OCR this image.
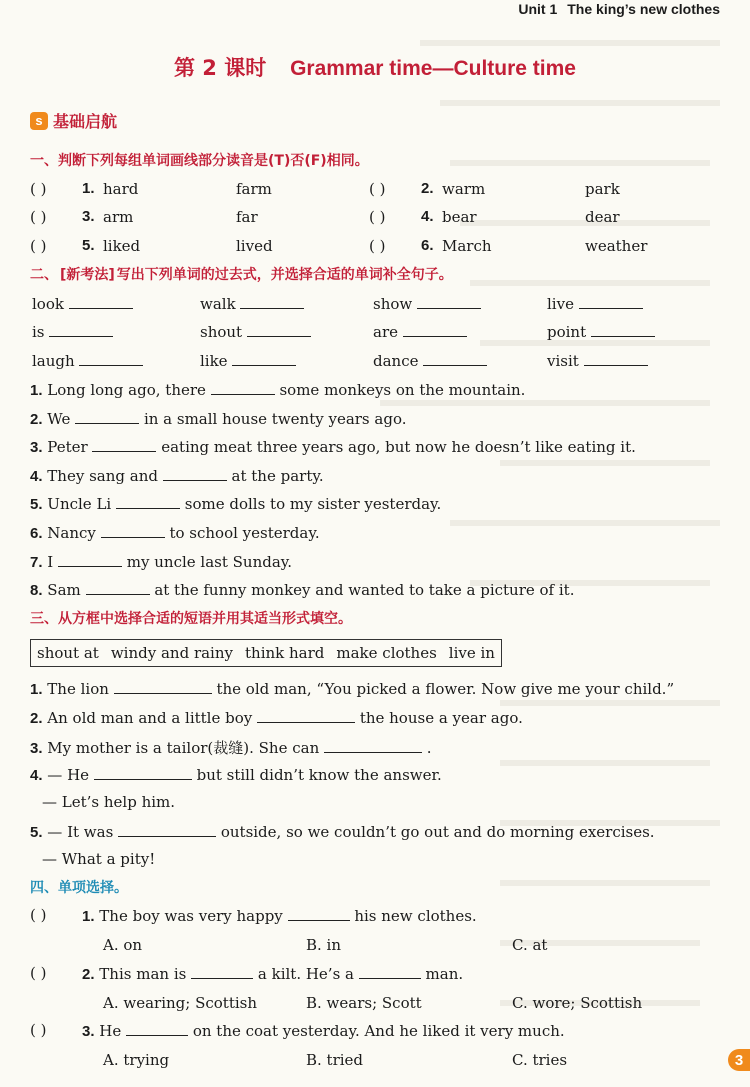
Unit 1 The king’s new clothes
第 2 课时 Grammar time—Culture time
s 基础启航
一、判断下列每组单词画线部分读音是(T)否(F)相同。
( ) 1. hard	farm	( ) 2. warm	park
( ) 3. arm	far	( ) 4. bear	dear
( ) 5. liked	lived	( ) 6. March	weather
二、 [新考法] 写出下列单词的过去式，并选择合适的单词补全句子。
look	walk	show	live
is	shout	are	point
laugh	like	dance	visit
1. Long long ago, there	some monkeys on the mountain.
2. We	in a small house twenty years ago.
3. Peter	eating meat three years ago, but now he doesn’t like eating it.
4. They sang and	at the party.
5. Uncle Li	some dolls to my sister yesterday.
6. Nancy	to school yesterday.
7. I	my uncle last Sunday.
8. Sam	at the funny monkey and wanted to take a picture of it.
三、从方框中选择合适的短语并用其适当形式填空。
shout at windy and rainy think hard make clothes live in
1. The lion	the old man, “You picked a flower. Now give me your child.”
2. An old man and a little boy	the house a year ago.
3. My mother is a tailor(裁缝). She can	.
4. — He	but still didn’t know the answer.
— Let’s help him.
5. — It was	outside, so we couldn’t go out and do morning exercises.
— What a pity!
四、单项选择。
( ) 1. The boy was very happy	his new clothes.
A. on	B. in	C. at
( ) 2. This man is	a kilt. He’s a	man.
A. wearing; Scottish	B. wears; Scott	C. wore; Scottish
( ) 3. He	on the coat yesterday. And he liked it very much.
A. trying	B. tried	C. tries	3
